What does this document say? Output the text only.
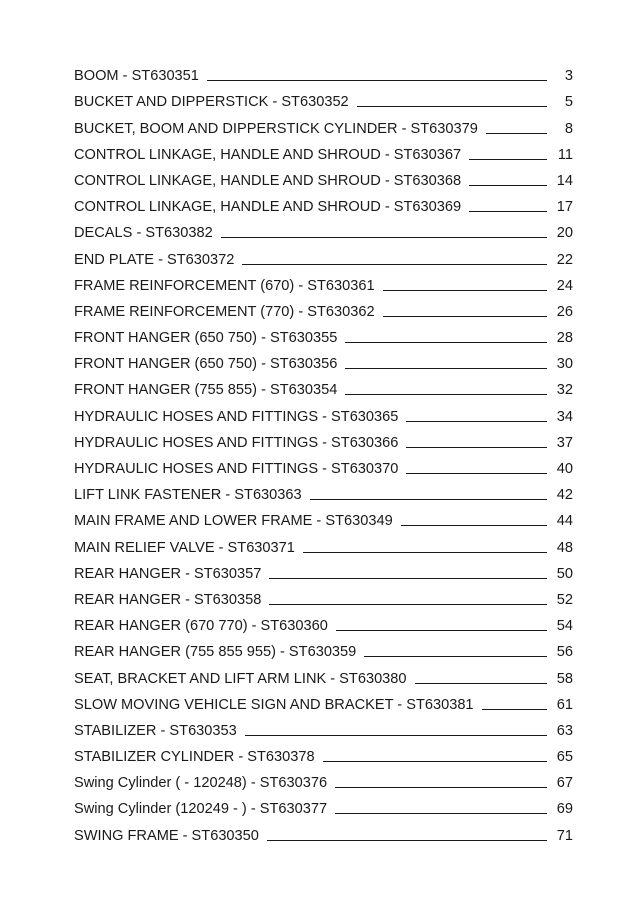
BOOM - ST630351	3
BUCKET AND DIPPERSTICK - ST630352	5
BUCKET, BOOM AND DIPPERSTICK CYLINDER - ST630379	8
CONTROL LINKAGE, HANDLE AND SHROUD - ST630367	11
CONTROL LINKAGE, HANDLE AND SHROUD - ST630368	14
CONTROL LINKAGE, HANDLE AND SHROUD - ST630369	17
DECALS - ST630382	20
END PLATE - ST630372	22
FRAME REINFORCEMENT (670) - ST630361	24
FRAME REINFORCEMENT (770) - ST630362	26
FRONT HANGER (650 750) - ST630355	28
FRONT HANGER (650 750) - ST630356	30
FRONT HANGER (755 855) - ST630354	32
HYDRAULIC HOSES AND FITTINGS - ST630365	34
HYDRAULIC HOSES AND FITTINGS - ST630366	37
HYDRAULIC HOSES AND FITTINGS - ST630370	40
LIFT LINK FASTENER - ST630363	42
MAIN FRAME AND LOWER FRAME - ST630349	44
MAIN RELIEF VALVE - ST630371	48
REAR HANGER - ST630357	50
REAR HANGER - ST630358	52
REAR HANGER (670 770) - ST630360	54
REAR HANGER (755 855 955) - ST630359	56
SEAT, BRACKET AND LIFT ARM LINK - ST630380	58
SLOW MOVING VEHICLE SIGN AND BRACKET - ST630381	61
STABILIZER - ST630353	63
STABILIZER CYLINDER - ST630378	65
Swing Cylinder ( - 120248) - ST630376	67
Swing Cylinder (120249 - ) - ST630377	69
SWING FRAME - ST630350	71
